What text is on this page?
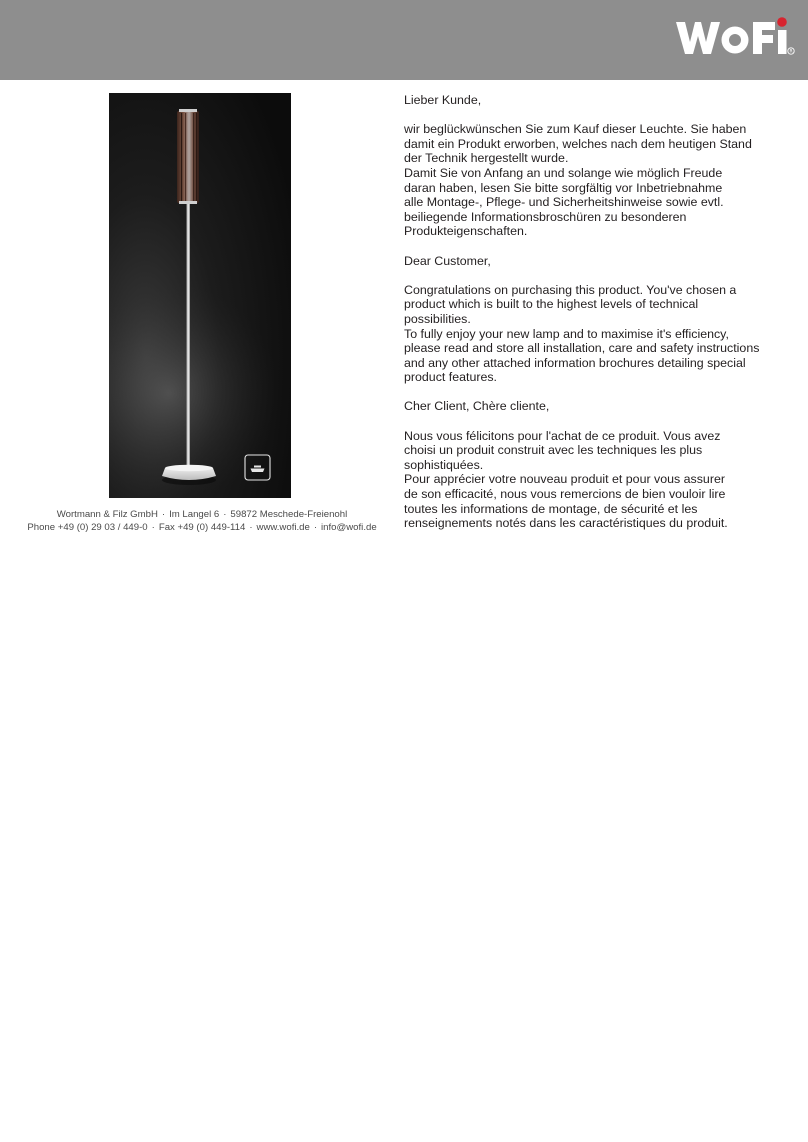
R
Wortmann & Filz GmbH · Im Langel 6 · 59872 Meschede-Freienohl
Phone +49 (0) 29 03 / 449-0 · Fax +49 (0) 449-114 · www.wofi.de · info@wofi.de
Lieber Kunde,
wir beglückwünschen Sie zum Kauf dieser Leuchte. Sie haben
damit ein Produkt erworben, welches nach dem heutigen Stand
der Technik hergestellt wurde.
Damit Sie von Anfang an und solange wie möglich Freude
daran haben, lesen Sie bitte sorgfältig vor Inbetriebnahme
alle Montage-, Pflege- und Sicherheitshinweise sowie evtl.
beiliegende Informationsbroschüren zu besonderen
Produkteigenschaften.
Dear Customer,
Congratulations on purchasing this product. You've chosen a
product which is built to the highest levels of technical
possibilities.
To fully enjoy your new lamp and to maximise it's efficiency,
please read and store all installation, care and safety instructions
and any other attached information brochures detailing special
product features.
Cher Client, Chère cliente,
Nous vous félicitons pour l'achat de ce produit. Vous avez
choisi un produit construit avec les techniques les plus
sophistiquées.
Pour apprécier votre nouveau produit et pour vous assurer
de son efficacité, nous vous remercions de bien vouloir lire
toutes les informations de montage, de sécurité et les
renseignements notés dans les caractéristiques du produit.
